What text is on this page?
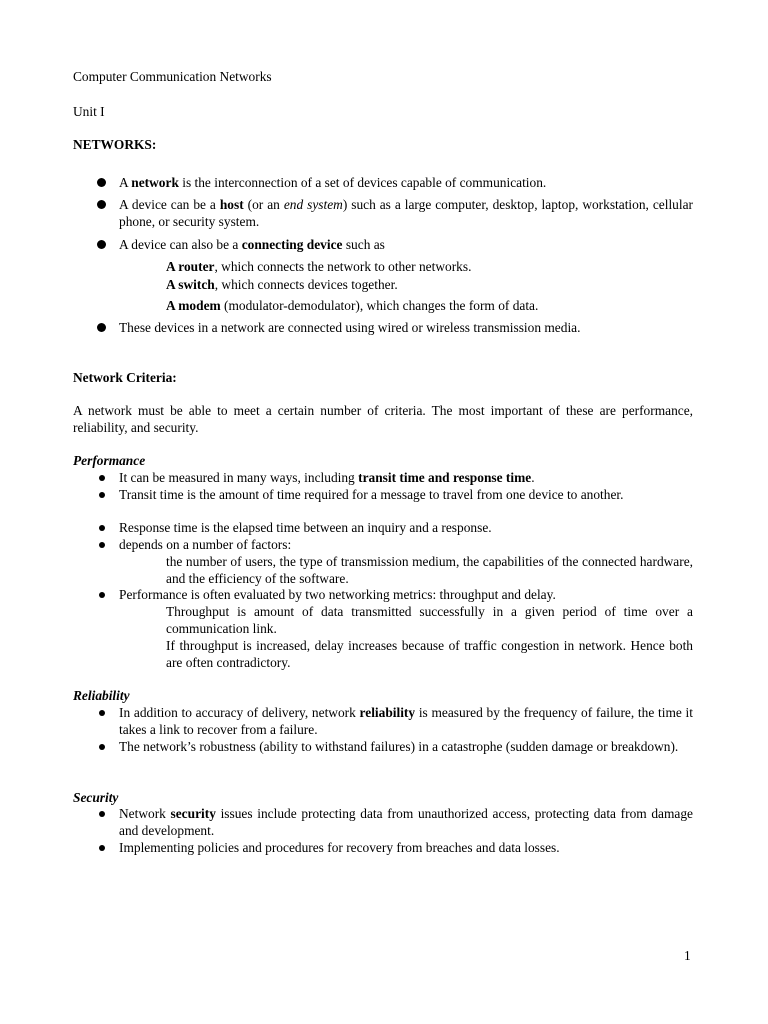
Computer Communication Networks
Unit I
NETWORKS:
A network is the interconnection of a set of devices capable of communication.
A device can be a host (or an end system) such as a large computer, desktop, laptop, workstation, cellular phone, or security system.
A device can also be a connecting device such as
A router, which connects the network to other networks.
A switch, which connects devices together.
A modem (modulator-demodulator), which changes the form of data.
These devices in a network are connected using wired or wireless transmission media.
Network Criteria:
A network must be able to meet a certain number of criteria. The most important of these are performance, reliability, and security.
Performance
It can be measured in many ways, including transit time and response time.
Transit time is the amount of time required for a message to travel from one device to another.
Response time is the elapsed time between an inquiry and a response.
depends on a number of factors:
the number of users, the type of transmission medium, the capabilities of the connected hardware, and the efficiency of the software.
Performance is often evaluated by two networking metrics: throughput and delay.
Throughput is amount of data transmitted successfully in a given period of time over a communication link.
If throughput is increased, delay increases because of traffic congestion in network. Hence both are often contradictory.
Reliability
In addition to accuracy of delivery, network reliability is measured by the frequency of failure, the time it takes a link to recover from a failure.
The network’s robustness (ability to withstand failures) in a catastrophe (sudden damage or breakdown).
Security
Network security issues include protecting data from unauthorized access, protecting data from damage and development.
Implementing policies and procedures for recovery from breaches and data losses.
1
